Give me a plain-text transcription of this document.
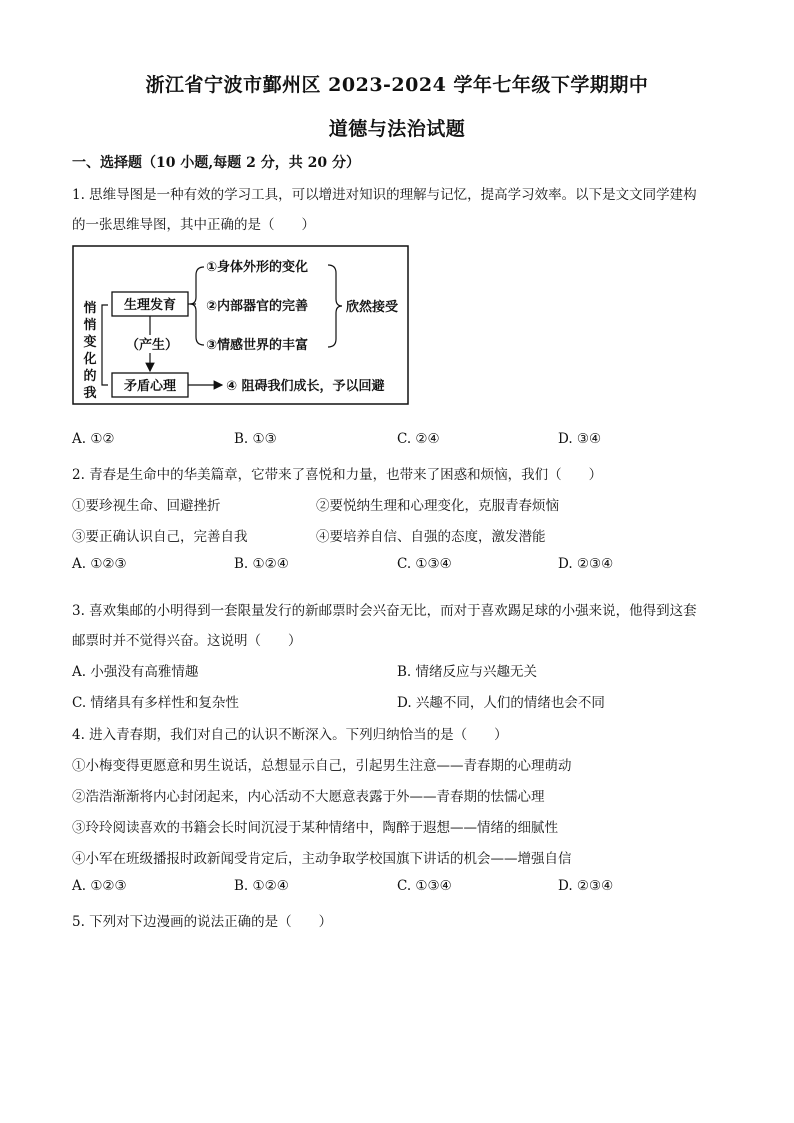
浙江省宁波市鄞州区 2023-2024 学年七年级下学期期中
道德与法治试题
一、选择题（10 小题,每题 2 分，共 20 分）
1. 思维导图是一种有效的学习工具，可以增进对知识的理解与记忆，提高学习效率。以下是文文同学建构
的一张思维导图，其中正确的是（　　）
悄
悄
变
化
的
我
生理发育
矛盾心理
（产生）
①身体外形的变化
②内部器官的完善
③情感世界的丰富
欣然接受
④ 阻碍我们成长，予以回避
A. ①②	B. ①③	C. ②④	D. ③④
2. 青春是生命中的华美篇章，它带来了喜悦和力量，也带来了困惑和烦恼，我们（　　）
①要珍视生命、回避挫折	②要悦纳生理和心理变化，克服青春烦恼
③要正确认识自己，完善自我	④要培养自信、自强的态度，激发潜能
A. ①②③	B. ①②④	C. ①③④	D. ②③④
3. 喜欢集邮的小明得到一套限量发行的新邮票时会兴奋无比，而对于喜欢踢足球的小强来说，他得到这套
邮票时并不觉得兴奋。这说明（　　）
A. 小强没有高雅情趣	B. 情绪反应与兴趣无关
C. 情绪具有多样性和复杂性	D. 兴趣不同，人们的情绪也会不同
4. 进入青春期，我们对自己的认识不断深入。下列归纳恰当的是（　　）
①小梅变得更愿意和男生说话，总想显示自己，引起男生注意——青春期的心理萌动
②浩浩渐渐将内心封闭起来，内心活动不大愿意表露于外——青春期的怯懦心理
③玲玲阅读喜欢的书籍会长时间沉浸于某种情绪中，陶醉于遐想——情绪的细腻性
④小军在班级播报时政新闻受肯定后，主动争取学校国旗下讲话的机会——增强自信
A. ①②③	B. ①②④	C. ①③④	D. ②③④
5. 下列对下边漫画的说法正确的是（　　）
